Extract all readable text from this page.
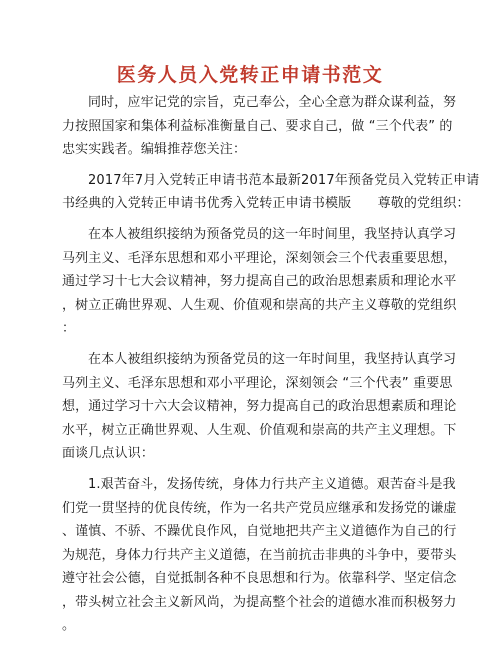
医务人员入党转正申请书范文
同时，应牢记党的宗旨，克己奉公，全心全意为群众谋利益，努
力按照国家和集体利益标准衡量自己、要求自己，做 “三个代表” 的
忠实实践者。编辑推荐您关注：
2017年7月入党转正申请书范本最新2017年预备党员入党转正申请
书经典的入党转正申请书优秀入党转正申请书模版　　尊敬的党组织：
在本人被组织接纳为预备党员的这一年时间里，我坚持认真学习
马列主义、毛泽东思想和邓小平理论，深刻领会三个代表重要思想，
通过学习十七大会议精神，努力提高自己的政治思想素质和理论水平
，树立正确世界观、人生观、价值观和崇高的共产主义尊敬的党组织
：
在本人被组织接纳为预备党员的这一年时间里，我坚持认真学习
马列主义、毛泽东思想和邓小平理论，深刻领会 “三个代表” 重要思
想，通过学习十六大会议精神，努力提高自己的政治思想素质和理论
水平，树立正确世界观、人生观、价值观和崇高的共产主义理想。下
面谈几点认识：
1.艰苦奋斗，发扬传统，身体力行共产主义道德。艰苦奋斗是我
们党一贯坚持的优良传统，作为一名共产党员应继承和发扬党的谦虚
、谨慎、不骄、不躁优良作风，自觉地把共产主义道德作为自己的行
为规范，身体力行共产主义道德，在当前抗击非典的斗争中，要带头
遵守社会公德，自觉抵制各种不良思想和行为。依靠科学、坚定信念
，带头树立社会主义新风尚，为提高整个社会的道德水准而积极努力
。
